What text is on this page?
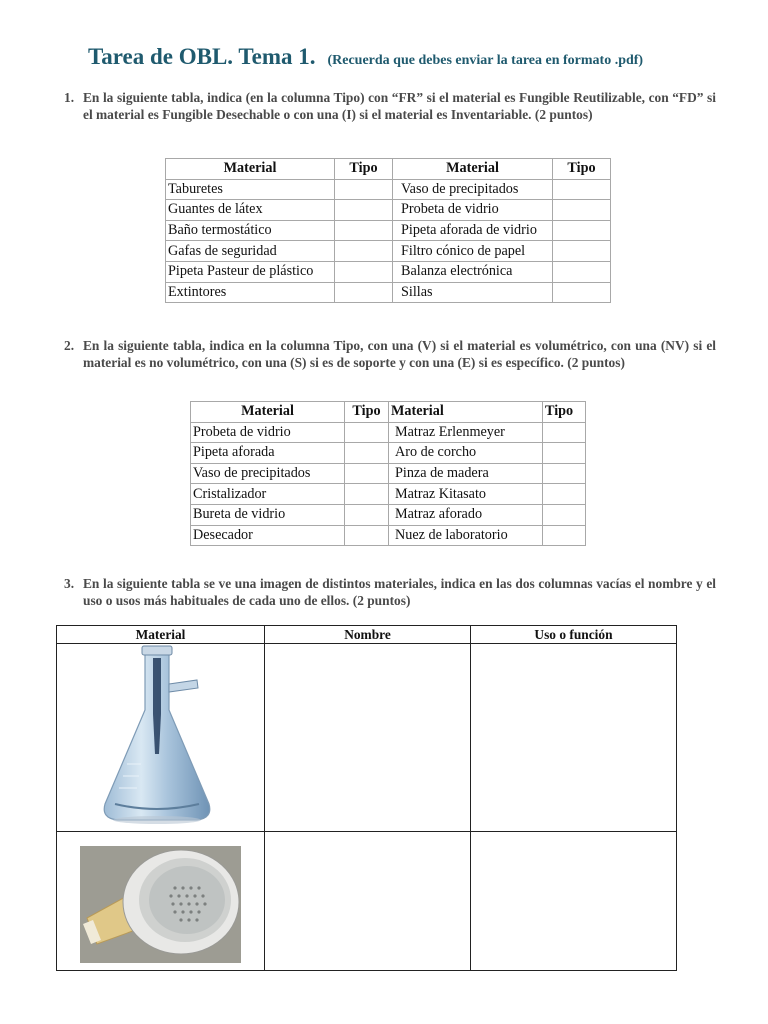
Tarea de OBL. Tema 1. (Recuerda que debes enviar la tarea en formato .pdf)
1. En la siguiente tabla, indica (en la columna Tipo) con “FR” si el material es Fungible Reutilizable, con “FD” si el material es Fungible Desechable o con una (I) si el material es Inventariable. (2 puntos)
Material	Tipo	Material	Tipo
Taburetes		Vaso de precipitados	
Guantes de látex		Probeta de vidrio	
Baño termostático		Pipeta aforada de vidrio	
Gafas de seguridad		Filtro cónico de papel	
Pipeta Pasteur de plástico		Balanza electrónica	
Extintores		Sillas	
2. En la siguiente tabla, indica en la columna Tipo, con una (V) si el material es volumétrico, con una (NV) si el material es no volumétrico, con una (S) si es de soporte y con una (E) si es específico. (2 puntos)
Material	Tipo	Material	Tipo
Probeta de vidrio		Matraz Erlenmeyer	
Pipeta aforada		Aro de corcho	
Vaso de precipitados		Pinza de madera	
Cristalizador		Matraz Kitasato	
Bureta de vidrio		Matraz aforado	
Desecador		Nuez de laboratorio	
3. En la siguiente tabla se ve una imagen de distintos materiales, indica en las dos columnas vacías el nombre y el uso o usos más habituales de cada uno de ellos. (2 puntos)
Material	Nombre	Uso o función
